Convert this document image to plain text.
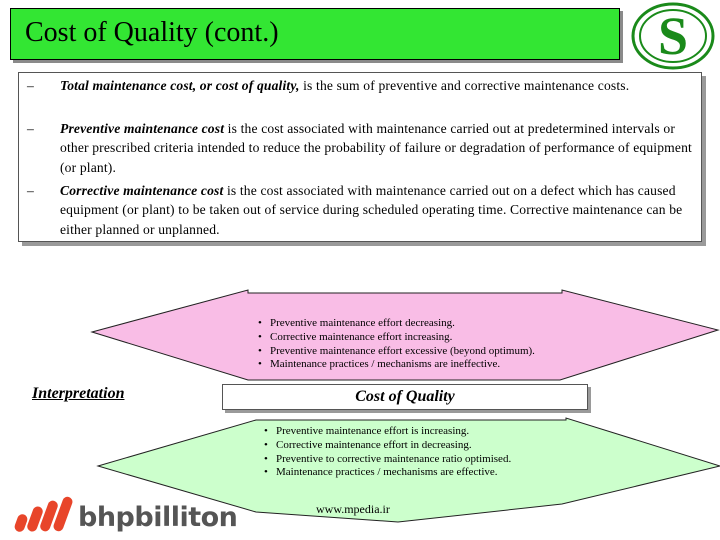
Cost of Quality (cont.)	S
– Total maintenance cost, or cost of quality, is the sum of preventive and corrective maintenance costs.
– Preventive maintenance cost is the cost associated with maintenance carried out at predetermined intervals or other prescribed criteria intended to reduce the probability of failure or degradation of performance of equipment (or plant).
– Corrective maintenance cost is the cost associated with maintenance carried out on a defect which has caused equipment (or plant) to be taken out of service during scheduled operating time. Corrective maintenance can be either planned or unplanned.
• Preventive maintenance effort decreasing.
• Corrective maintenance effort increasing.
• Preventive maintenance effort excessive (beyond optimum).
• Maintenance practices / mechanisms are ineffective.
Interpretation	Cost of Quality
• Preventive maintenance effort is increasing.
• Corrective maintenance effort in decreasing.
• Preventive to corrective maintenance ratio optimised.
• Maintenance practices / mechanisms are effective.
bhpbilliton	www.mpedia.ir
